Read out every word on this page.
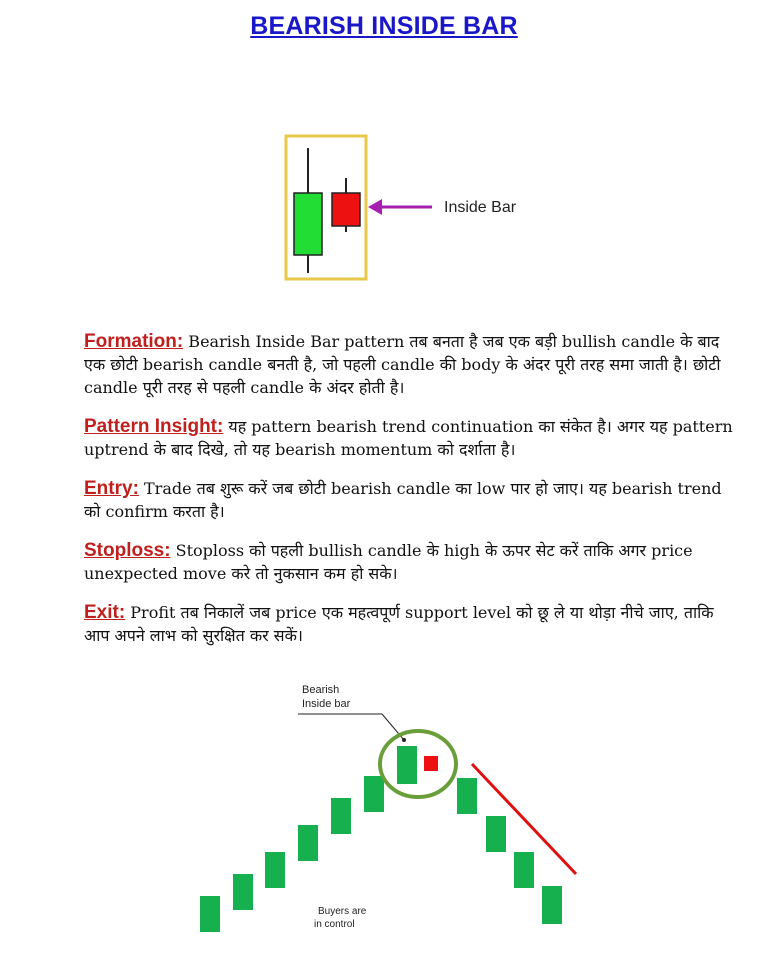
BEARISH INSIDE BAR
Inside Bar
Formation: Bearish Inside Bar pattern तब बनता है जब एक बड़ी bullish candle के बाद एक छोटी bearish candle बनती है, जो पहली candle की body के अंदर पूरी तरह समा जाती है। छोटी candle पूरी तरह से पहली candle के अंदर होती है।
Pattern Insight: यह pattern bearish trend continuation का संकेत है। अगर यह pattern uptrend के बाद दिखे, तो यह bearish momentum को दर्शाता है।
Entry: Trade तब शुरू करें जब छोटी bearish candle का low पार हो जाए। यह bearish trend को confirm करता है।
Stoploss: Stoploss को पहली bullish candle के high के ऊपर सेट करें ताकि अगर price unexpected move करे तो नुकसान कम हो सके।
Exit: Profit तब निकालें जब price एक महत्वपूर्ण support level को छू ले या थोड़ा नीचे जाए, ताकि आप अपने लाभ को सुरक्षित कर सकें।
Bearish
Inside bar
Buyers are
in control
